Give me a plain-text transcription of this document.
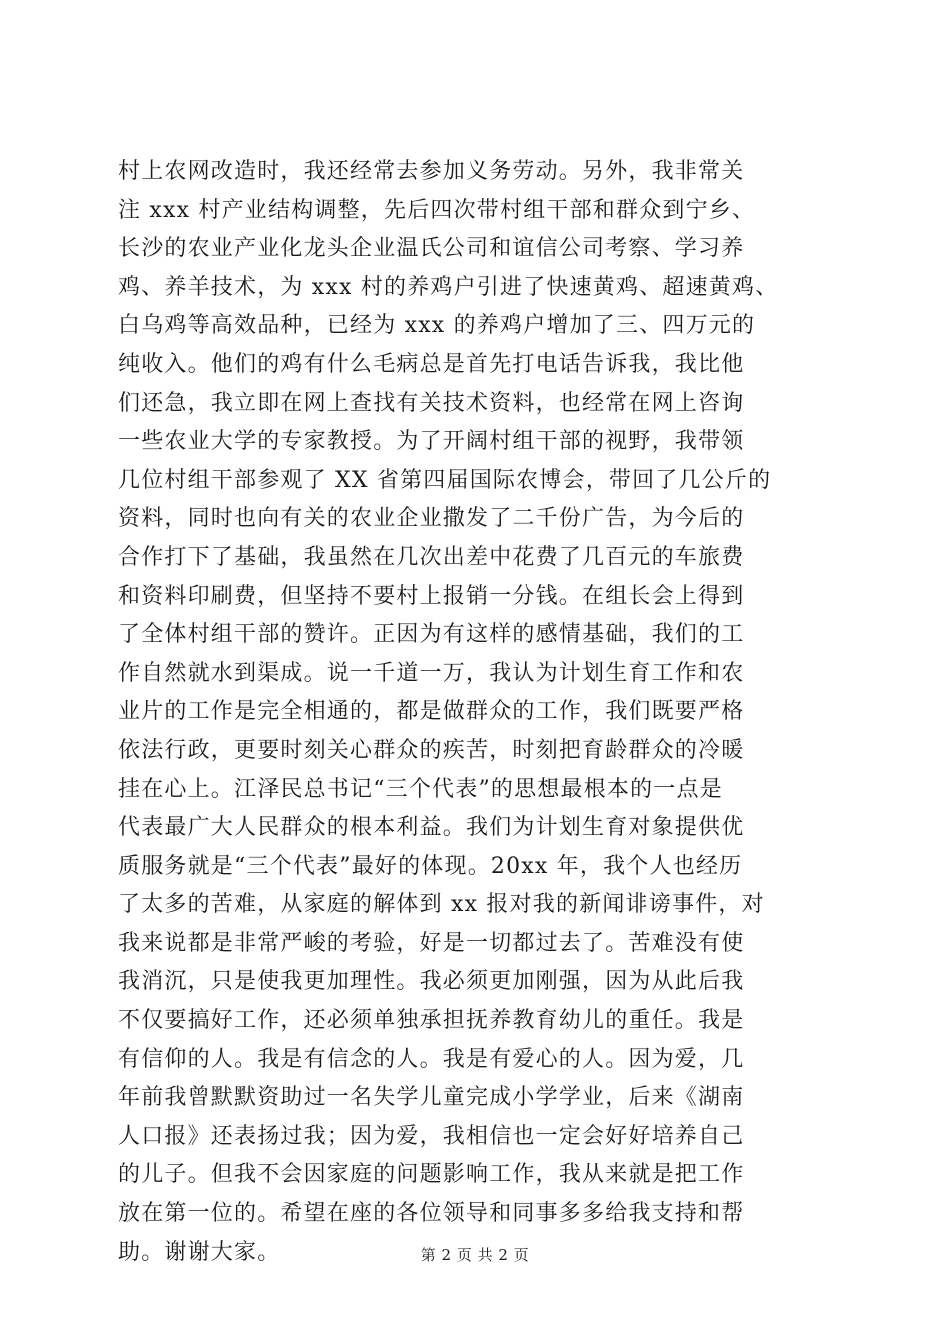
村上农网改造时，我还经常去参加义务劳动。另外，我非常关
注 xxx 村产业结构调整，先后四次带村组干部和群众到宁乡、
长沙的农业产业化龙头企业温氏公司和谊信公司考察、学习养
鸡、养羊技术，为 xxx 村的养鸡户引进了快速黄鸡、超速黄鸡、
白乌鸡等高效品种，已经为 xxx 的养鸡户增加了三、四万元的
纯收入。他们的鸡有什么毛病总是首先打电话告诉我，我比他
们还急，我立即在网上查找有关技术资料，也经常在网上咨询
一些农业大学的专家教授。为了开阔村组干部的视野，我带领
几位村组干部参观了 XX 省第四届国际农博会，带回了几公斤的
资料，同时也向有关的农业企业撒发了二千份广告，为今后的
合作打下了基础，我虽然在几次出差中花费了几百元的车旅费
和资料印刷费，但坚持不要村上报销一分钱。在组长会上得到
了全体村组干部的赞许。正因为有这样的感情基础，我们的工
作自然就水到渠成。说一千道一万，我认为计划生育工作和农
业片的工作是完全相通的，都是做群众的工作，我们既要严格
依法行政，更要时刻关心群众的疾苦，时刻把育龄群众的冷暖
挂在心上。江泽民总书记“三个代表”的思想最根本的一点是
代表最广大人民群众的根本利益。我们为计划生育对象提供优
质服务就是“三个代表”最好的体现。20xx 年，我个人也经历
了太多的苦难，从家庭的解体到 xx 报对我的新闻诽谤事件，对
我来说都是非常严峻的考验，好是一切都过去了。苦难没有使
我消沉，只是使我更加理性。我必须更加刚强，因为从此后我
不仅要搞好工作，还必须单独承担抚养教育幼儿的重任。我是
有信仰的人。我是有信念的人。我是有爱心的人。因为爱，几
年前我曾默默资助过一名失学儿童完成小学学业，后来《湖南
人口报》还表扬过我；因为爱，我相信也一定会好好培养自己
的儿子。但我不会因家庭的问题影响工作，我从来就是把工作
放在第一位的。希望在座的各位领导和同事多多给我支持和帮
助。谢谢大家。	第 2 页 共 2 页
